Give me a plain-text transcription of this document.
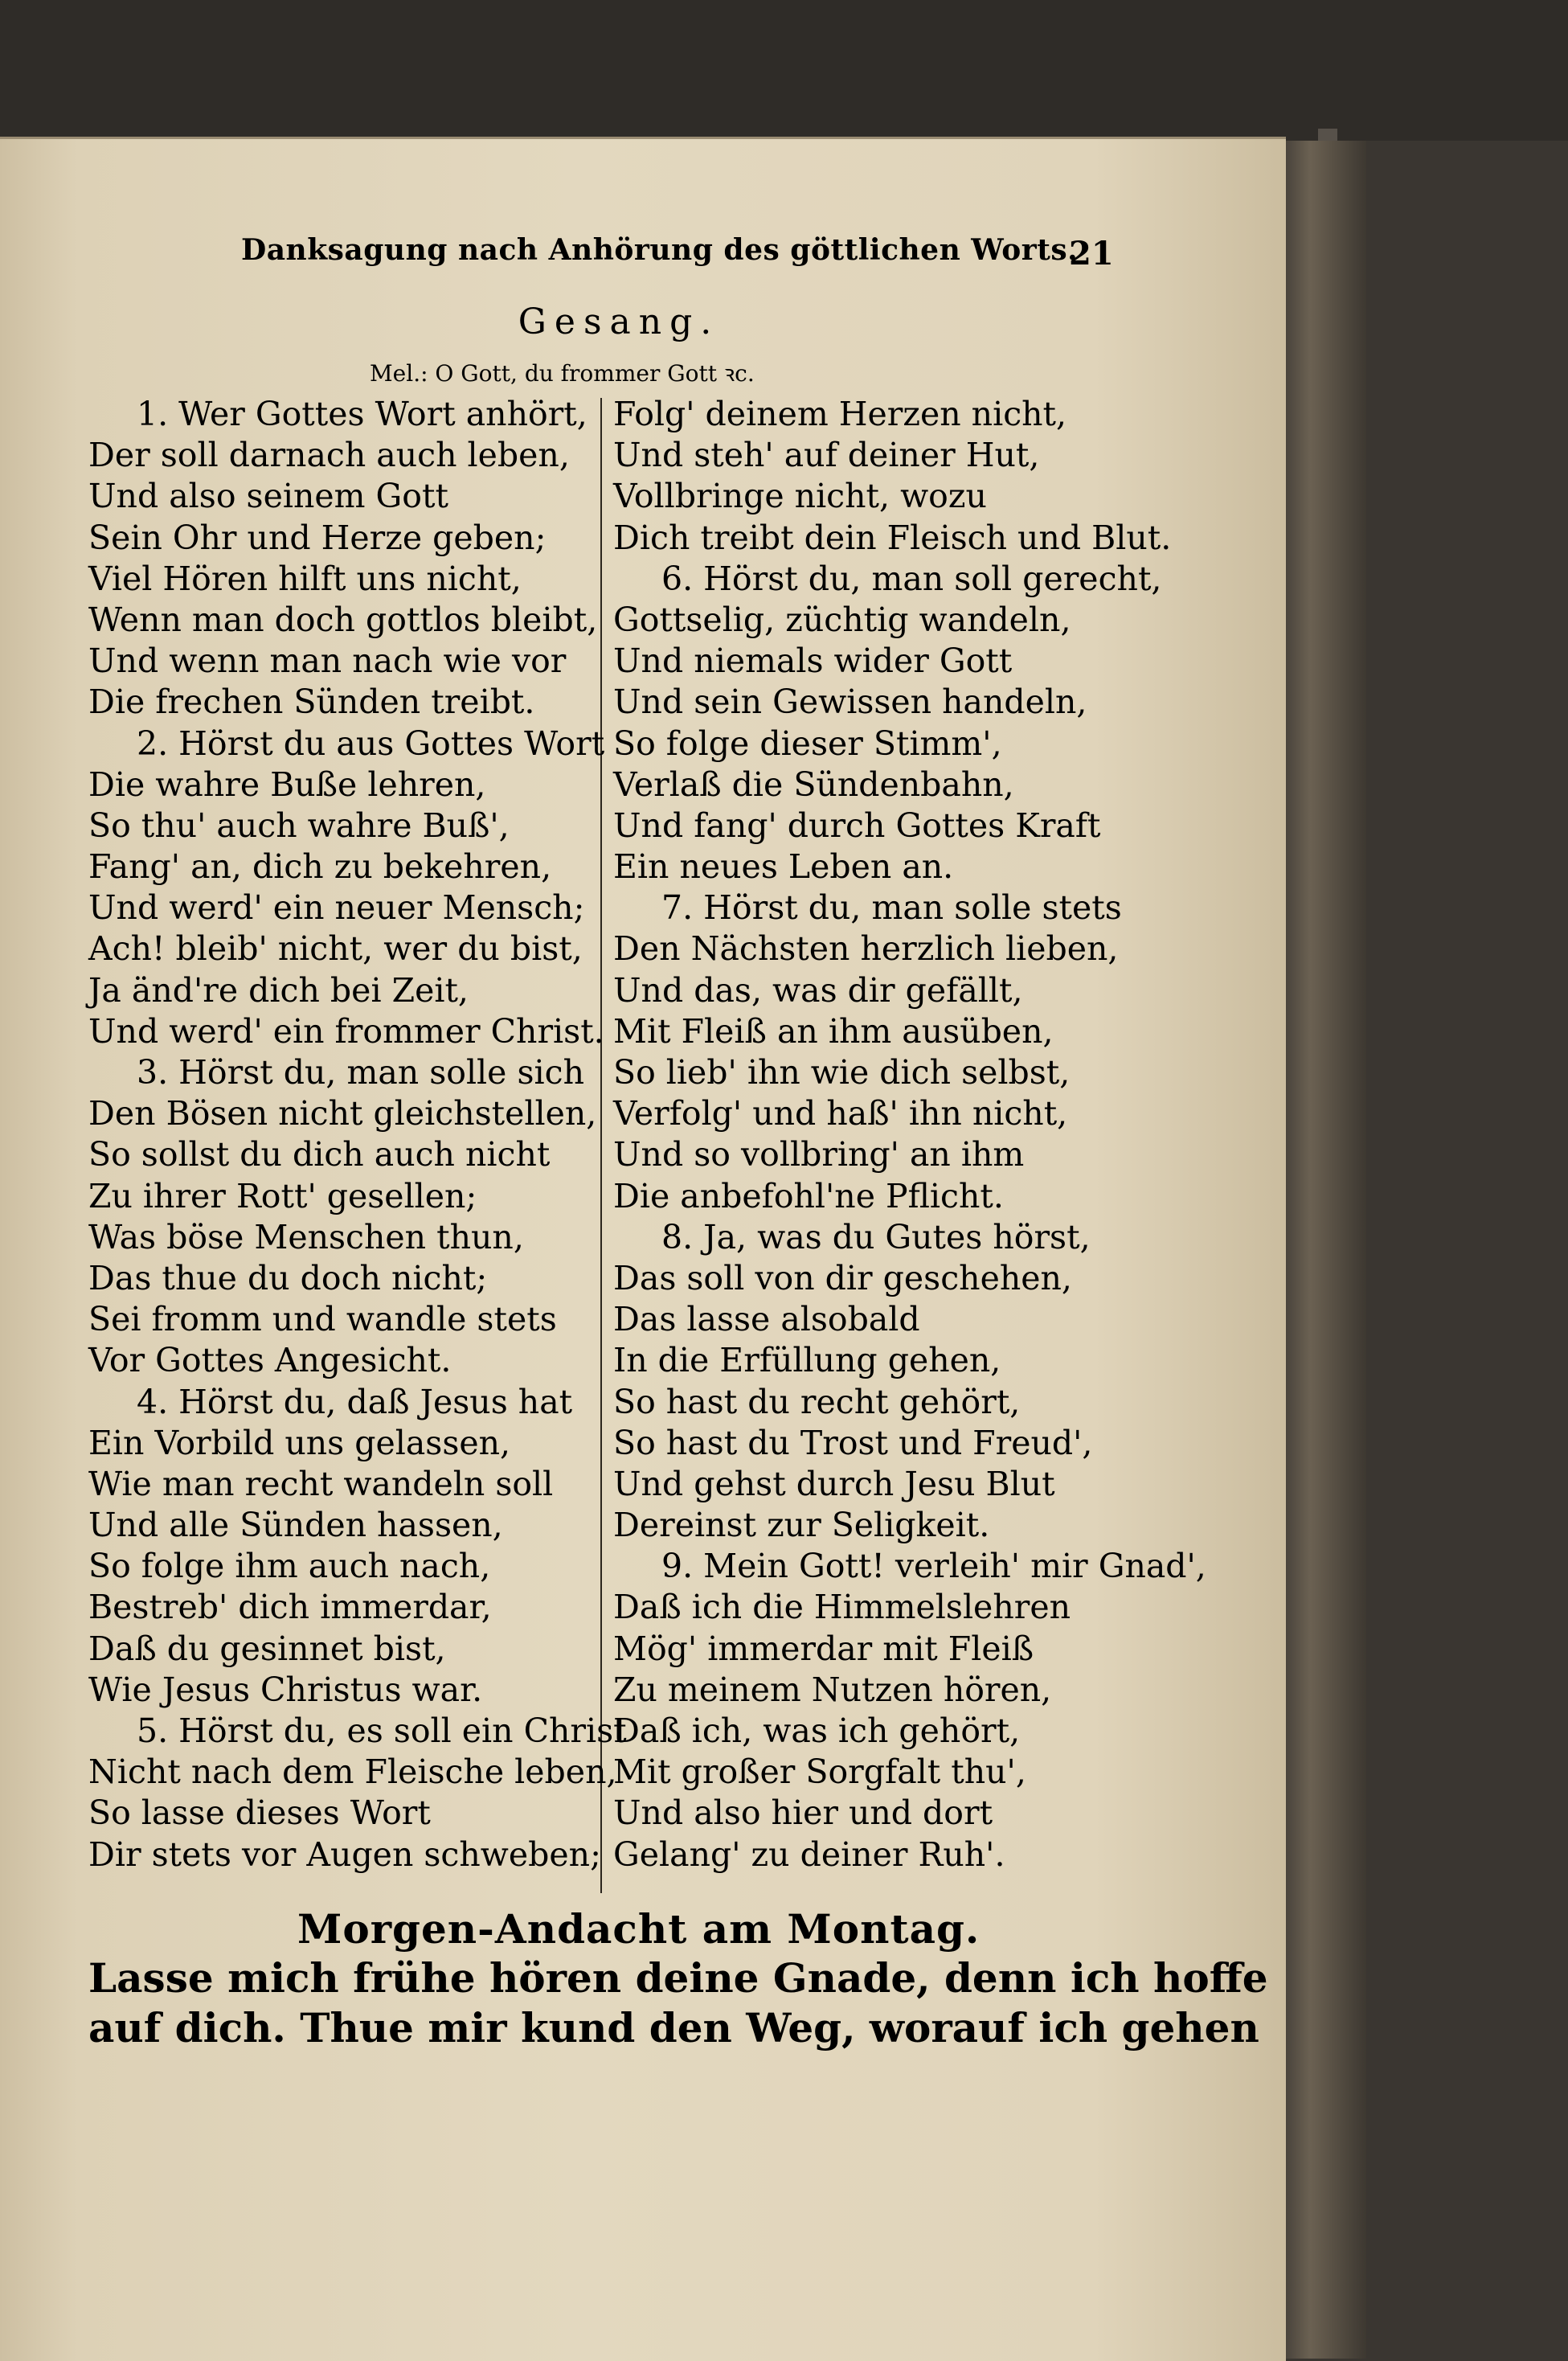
Danksagung nach Anhörung des göttlichen Worts.
21
Gesang.
Mel.: O Gott, du frommer Gott ꝛc.
1. Wer Gottes Wort anhört,
Der soll darnach auch leben,
Und also seinem Gott
Sein Ohr und Herze geben;
Viel Hören hilft uns nicht,
Wenn man doch gottlos bleibt,
Und wenn man nach wie vor
Die frechen Sünden treibt.
2. Hörst du aus Gottes Wort
Die wahre Buße lehren,
So thu' auch wahre Buß',
Fang' an, dich zu bekehren,
Und werd' ein neuer Mensch;
Ach! bleib' nicht, wer du bist,
Ja änd're dich bei Zeit,
Und werd' ein frommer Christ.
3. Hörst du, man solle sich
Den Bösen nicht gleichstellen,
So sollst du dich auch nicht
Zu ihrer Rott' gesellen;
Was böse Menschen thun,
Das thue du doch nicht;
Sei fromm und wandle stets
Vor Gottes Angesicht.
4. Hörst du, daß Jesus hat
Ein Vorbild uns gelassen,
Wie man recht wandeln soll
Und alle Sünden hassen,
So folge ihm auch nach,
Bestreb' dich immerdar,
Daß du gesinnet bist,
Wie Jesus Christus war.
5. Hörst du, es soll ein Christ
Nicht nach dem Fleische leben,
So lasse dieses Wort
Dir stets vor Augen schweben;
Folg' deinem Herzen nicht,
Und steh' auf deiner Hut,
Vollbringe nicht, wozu
Dich treibt dein Fleisch und Blut.
6. Hörst du, man soll gerecht,
Gottselig, züchtig wandeln,
Und niemals wider Gott
Und sein Gewissen handeln,
So folge dieser Stimm',
Verlaß die Sündenbahn,
Und fang' durch Gottes Kraft
Ein neues Leben an.
7. Hörst du, man solle stets
Den Nächsten herzlich lieben,
Und das, was dir gefällt,
Mit Fleiß an ihm ausüben,
So lieb' ihn wie dich selbst,
Verfolg' und haß' ihn nicht,
Und so vollbring' an ihm
Die anbefohl'ne Pflicht.
8. Ja, was du Gutes hörst,
Das soll von dir geschehen,
Das lasse alsobald
In die Erfüllung gehen,
So hast du recht gehört,
So hast du Trost und Freud',
Und gehst durch Jesu Blut
Dereinst zur Seligkeit.
9. Mein Gott! verleih' mir Gnad',
Daß ich die Himmelslehren
Mög' immerdar mit Fleiß
Zu meinem Nutzen hören,
Daß ich, was ich gehört,
Mit großer Sorgfalt thu',
Und also hier und dort
Gelang' zu deiner Ruh'.
Morgen-Andacht am Montag.
Lasse mich frühe hören deine Gnade, denn ich hoffe
auf dich. Thue mir kund den Weg, worauf ich gehen
